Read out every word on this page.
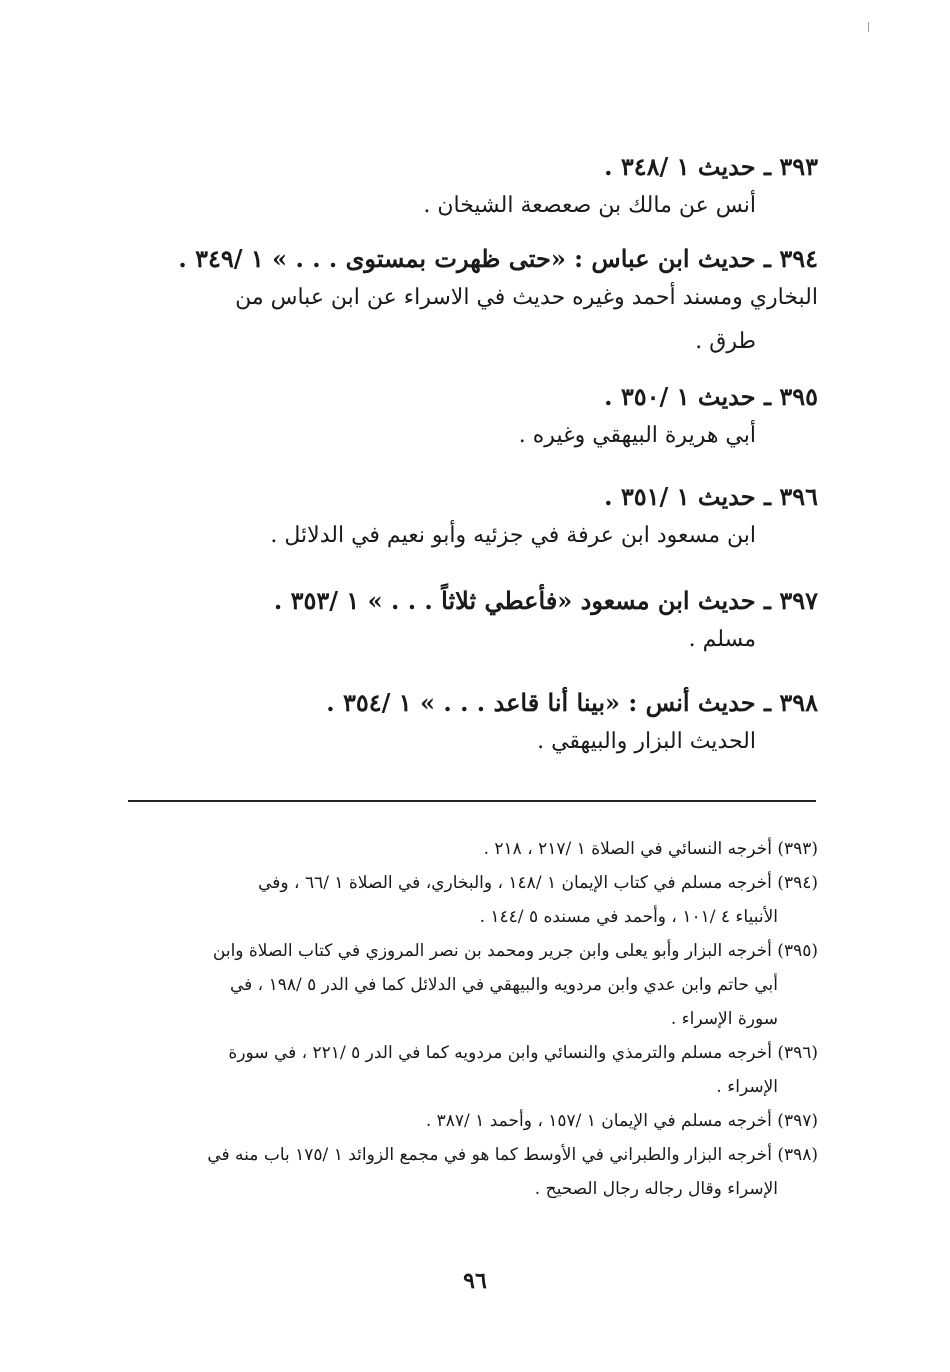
٣٩٣ ـ حديث ١ /٣٤٨ .
أنس عن مالك بن صعصعة الشيخان .
٣٩٤ ـ حديث ابن عباس : «حتى ظهرت بمستوى . . . » ١ /٣٤٩ .
البخاري ومسند أحمد وغيره حديث في الاسراء عن ابن عباس من
طرق .
٣٩٥ ـ حديث ١ /٣٥٠ .
أبي هريرة البيهقي وغيره .
٣٩٦ ـ حديث ١ /٣٥١ .
ابن مسعود ابن عرفة في جزئيه وأبو نعيم في الدلائل .
٣٩٧ ـ حديث ابن مسعود «فأعطي ثلاثاً . . . » ١ /٣٥٣ .
مسلم .
٣٩٨ ـ حديث أنس : «بينا أنا قاعد . . . » ١ /٣٥٤ .
الحديث البزار والبيهقي .
(٣٩٣) أخرجه النسائي في الصلاة ١ /٢١٧ ، ٢١٨ .
(٣٩٤) أخرجه مسلم في كتاب الإيمان ١ /١٤٨ ، والبخاري، في الصلاة ١ /٦٦ ، وفي
الأنبياء ٤ /١٠١ ، وأحمد في مسنده ٥ /١٤٤ .
(٣٩٥) أخرجه البزار وأبو يعلى وابن جرير ومحمد بن نصر المروزي في كتاب الصلاة وابن
أبي حاتم وابن عدي وابن مردويه والبيهقي في الدلائل كما في الدر ٥ /١٩٨ ، في
سورة الإسراء .
(٣٩٦) أخرجه مسلم والترمذي والنسائي وابن مردويه كما في الدر ٥ /٢٢١ ، في سورة
الإسراء .
(٣٩٧) أخرجه مسلم في الإيمان ١ /١٥٧ ، وأحمد ١ /٣٨٧ .
(٣٩٨) أخرجه البزار والطبراني في الأوسط كما هو في مجمع الزوائد ١ /١٧٥ باب منه في
الإسراء وقال رجاله رجال الصحيح .
٩٦
